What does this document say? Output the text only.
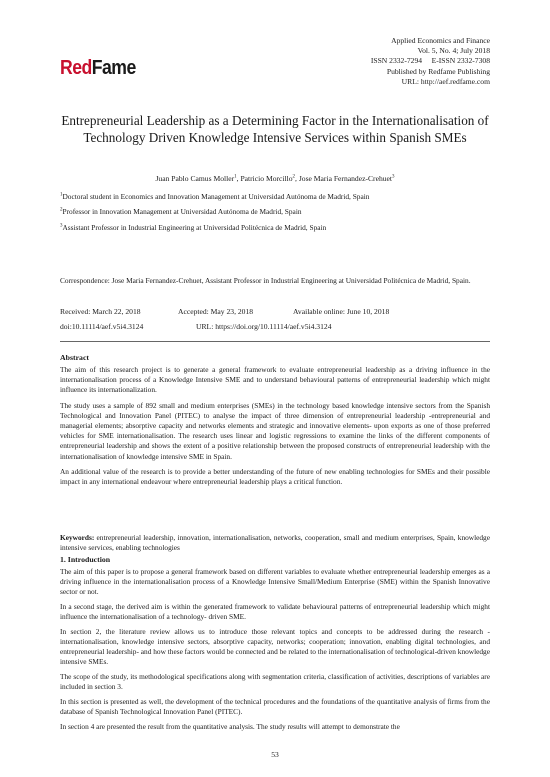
RedFame
Applied Economics and Finance
Vol. 5, No. 4; July 2018
ISSN 2332-7294     E-ISSN 2332-7308
Published by Redfame Publishing
URL: http://aef.redfame.com
Entrepreneurial Leadership as a Determining Factor in the Internationalisation of Technology Driven Knowledge Intensive Services within Spanish SMEs
Juan Pablo Camus Moller$^1$, Patricio Morcillo$^2$, Jose Maria Fernandez-Crehuet$^3$

$^1$Doctoral student in Economics and Innovation Management at Universidad Autónoma de Madrid, Spain

$^2$Professor in Innovation Management at Universidad Autónoma de Madrid, Spain

$^3$Assistant Professor in Industrial Engineering at Universidad Politécnica de Madrid, Spain

Correspondence: Jose Maria Fernandez-Crehuet, Assistant Professor in Industrial Engineering at Universidad Politécnica de Madrid, Spain.
Received: March 22, 2018	Accepted: May 23, 2018	Available online: June 10, 2018
doi:10.11114/aef.v5i4.3124	URL: https://doi.org/10.11114/aef.v5i4.3124
Abstract

The aim of this research project is to generate a general framework to evaluate entrepreneurial leadership as a driving influence in the internationalisation process of a Knowledge Intensive SME and to understand behavioural patterns of entrepreneurial leadership which might influence its internationalization.

The study uses a sample of 892 small and medium enterprises (SMEs) in the technology based knowledge intensive sectors from the Spanish Technological and Innovation Panel (PITEC) to analyse the impact of three dimension of entrepreneurial leadership -entrepreneurial and managerial elements; absorptive capacity and networks elements and strategic and innovative elements- upon exports as one of those preferred vehicles for SME internationalisation. The research uses linear and logistic regressions to examine the links of the different components of entrepreneurial leadership and shows the extent of a positive relationship between the proposed constructs of entrepreneurial leadership with the internationalisation of knowledge intensive SME in Spain.

An additional value of the research is to provide a better understanding of the future of new enabling technologies for SMEs and their possible impact in any international endeavour where entrepreneurial leadership plays a critical function.

Keywords: entrepreneurial leadership, innovation, internationalisation, networks, cooperation, small and medium enterprises, Spain, knowledge intensive services, enabling technologies
1. Introduction

The aim of this paper is to propose a general framework based on different variables to evaluate whether entrepreneurial leadership emerges as a driving influence in the internationalisation process of a Knowledge Intensive Small/Medium Enterprise (SME) within the Spanish Innovative sector or not.

In a second stage, the derived aim is within the generated framework to validate behavioural patterns of entrepreneurial leadership which might influence the internationalisation of a technology- driven SME.

In section 2, the literature review allows us to introduce those relevant topics and concepts to be addressed during the research -internationalisation, knowledge intensive sectors, absorptive capacity, networks; cooperation; innovation, enabling digital technologies, and entrepreneurial leadership- and how these factors would be connected and be related to the internationalisation of technological-driven knowledge intensive SMEs.

The scope of the study, its methodological specifications along with segmentation criteria, classification of activities, descriptions of variables are included in section 3.

In this section is presented as well, the development of the technical procedures and the foundations of the quantitative analysis of firms from the database of Spanish Technological Innovation Panel (PITEC).

In section 4 are presented the result from the quantitative analysis. The study results will attempt to demonstrate the

53
